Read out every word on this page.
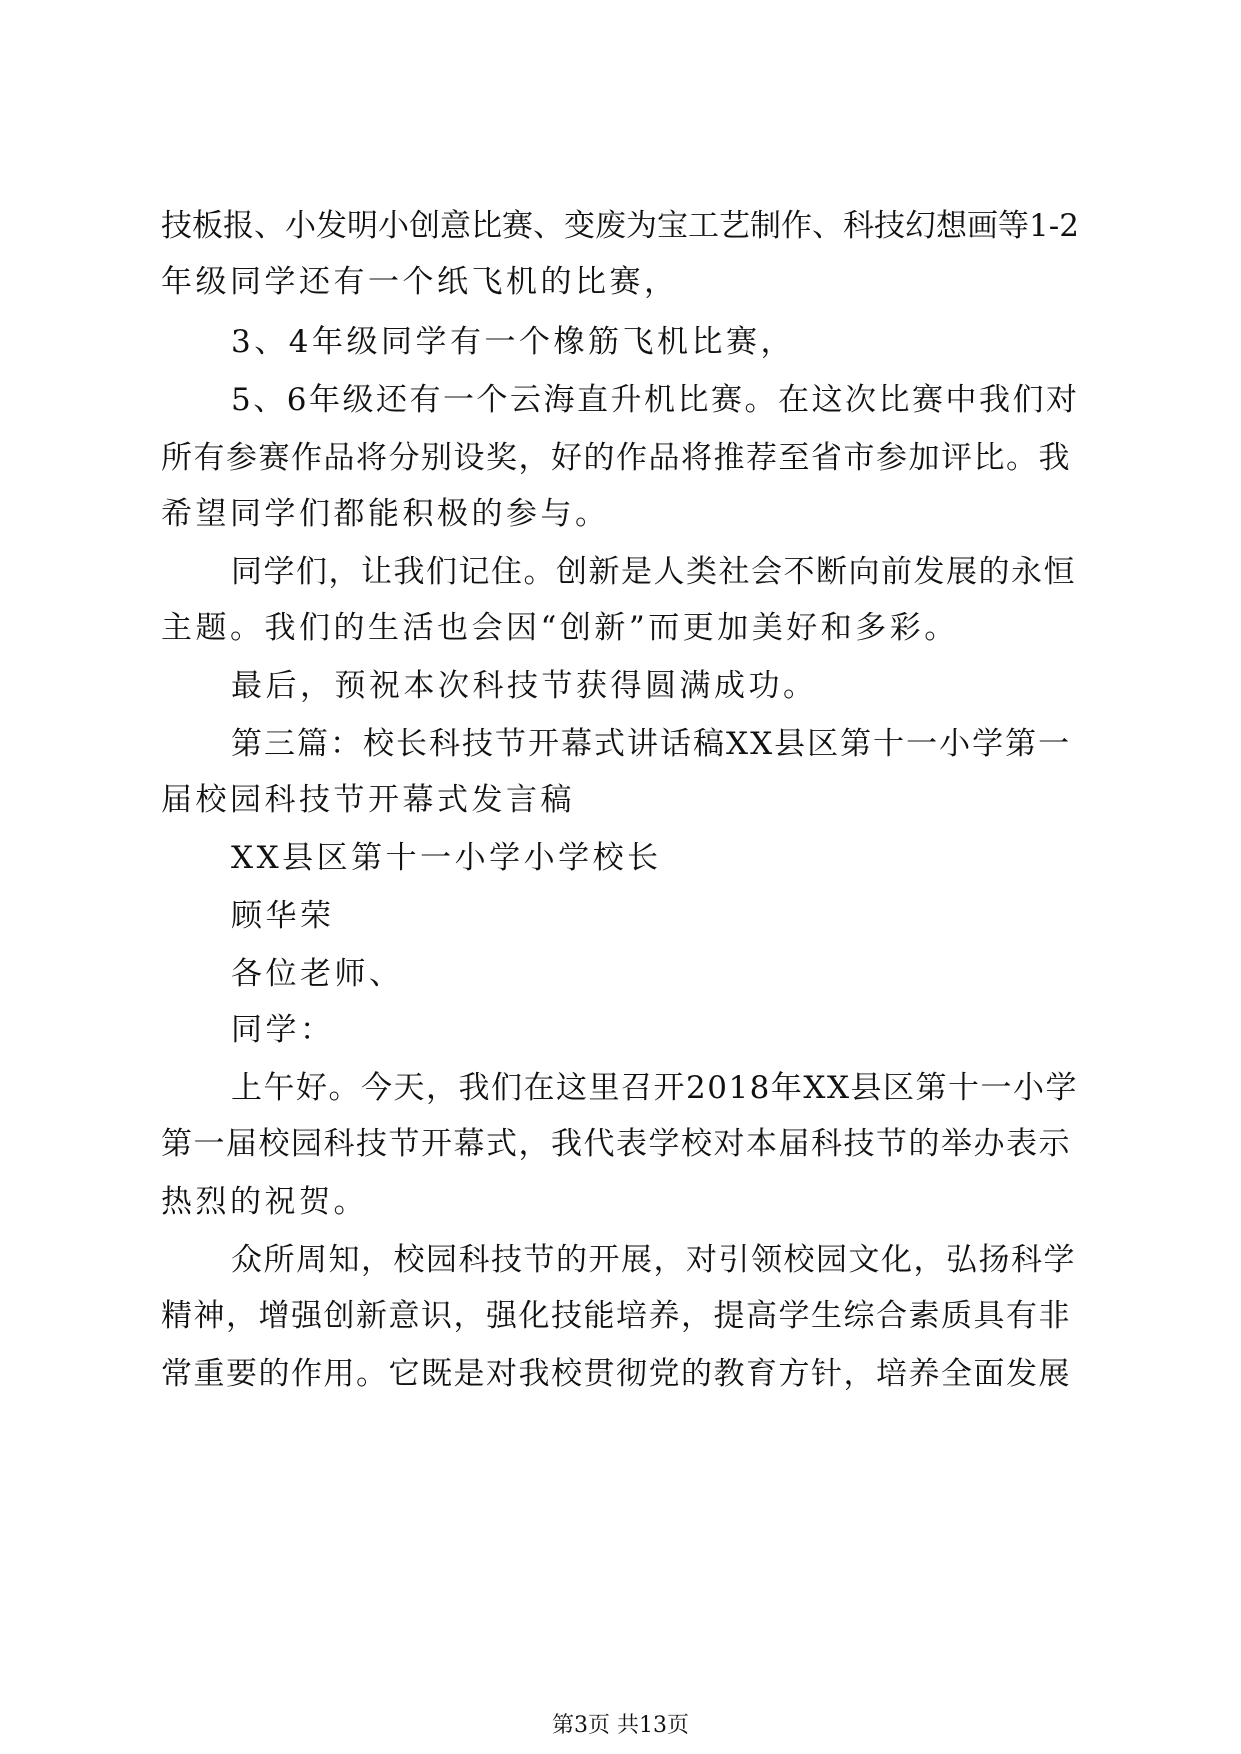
技板报、小发明小创意比赛、变废为宝工艺制作、科技幻想画等1-2
年级同学还有一个纸飞机的比赛，
3、4年级同学有一个橡筋飞机比赛，
5、6年级还有一个云海直升机比赛。在这次比赛中我们对
所有参赛作品将分别设奖，好的作品将推荐至省市参加评比。我
希望同学们都能积极的参与。
同学们，让我们记住。创新是人类社会不断向前发展的永恒
主题。我们的生活也会因“创新”而更加美好和多彩。
最后，预祝本次科技节获得圆满成功。
第三篇：校长科技节开幕式讲话稿XX县区第十一小学第一
届校园科技节开幕式发言稿
XX县区第十一小学小学校长
顾华荣
各位老师、
同学：
上午好。今天，我们在这里召开2018年XX县区第十一小学
第一届校园科技节开幕式，我代表学校对本届科技节的举办表示
热烈的祝贺。
众所周知，校园科技节的开展，对引领校园文化，弘扬科学
精神，增强创新意识，强化技能培养，提高学生综合素质具有非
常重要的作用。它既是对我校贯彻党的教育方针，培养全面发展
第3页 共13页
